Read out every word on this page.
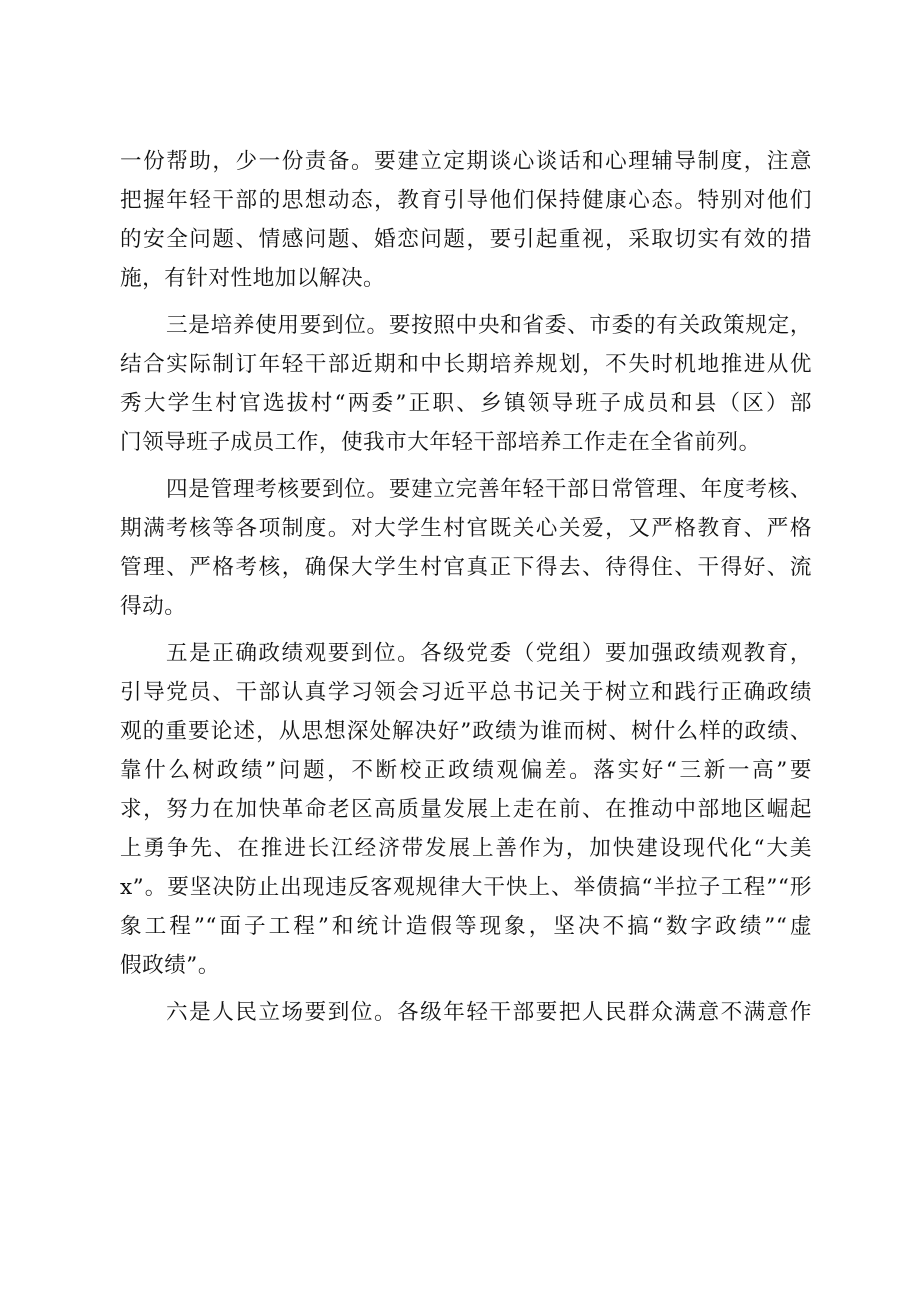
一份帮助，少一份责备。要建立定期谈心谈话和心理辅导制度，注意
把握年轻干部的思想动态，教育引导他们保持健康心态。特别对他们
的安全问题、情感问题、婚恋问题，要引起重视，采取切实有效的措
施，有针对性地加以解决。
三是培养使用要到位。要按照中央和省委、市委的有关政策规定，
结合实际制订年轻干部近期和中长期培养规划，不失时机地推进从优
秀大学生村官选拔村“两委”正职、乡镇领导班子成员和县（区）部
门领导班子成员工作，使我市大年轻干部培养工作走在全省前列。
四是管理考核要到位。要建立完善年轻干部日常管理、年度考核、
期满考核等各项制度。对大学生村官既关心关爱，又严格教育、严格
管理、严格考核，确保大学生村官真正下得去、待得住、干得好、流
得动。
五是正确政绩观要到位。各级党委（党组）要加强政绩观教育，
引导党员、干部认真学习领会习近平总书记关于树立和践行正确政绩
观的重要论述，从思想深处解决好”政绩为谁而树、树什么样的政绩、
靠什么树政绩”问题，不断校正政绩观偏差。落实好“三新一高”要
求，努力在加快革命老区高质量发展上走在前、在推动中部地区崛起
上勇争先、在推进长江经济带发展上善作为，加快建设现代化“大美
x”。要坚决防止出现违反客观规律大干快上、举债搞“半拉子工程”“形
象工程”“面子工程”和统计造假等现象，坚决不搞“数字政绩”“虚
假政绩”。
六是人民立场要到位。各级年轻干部要把人民群众满意不满意作
